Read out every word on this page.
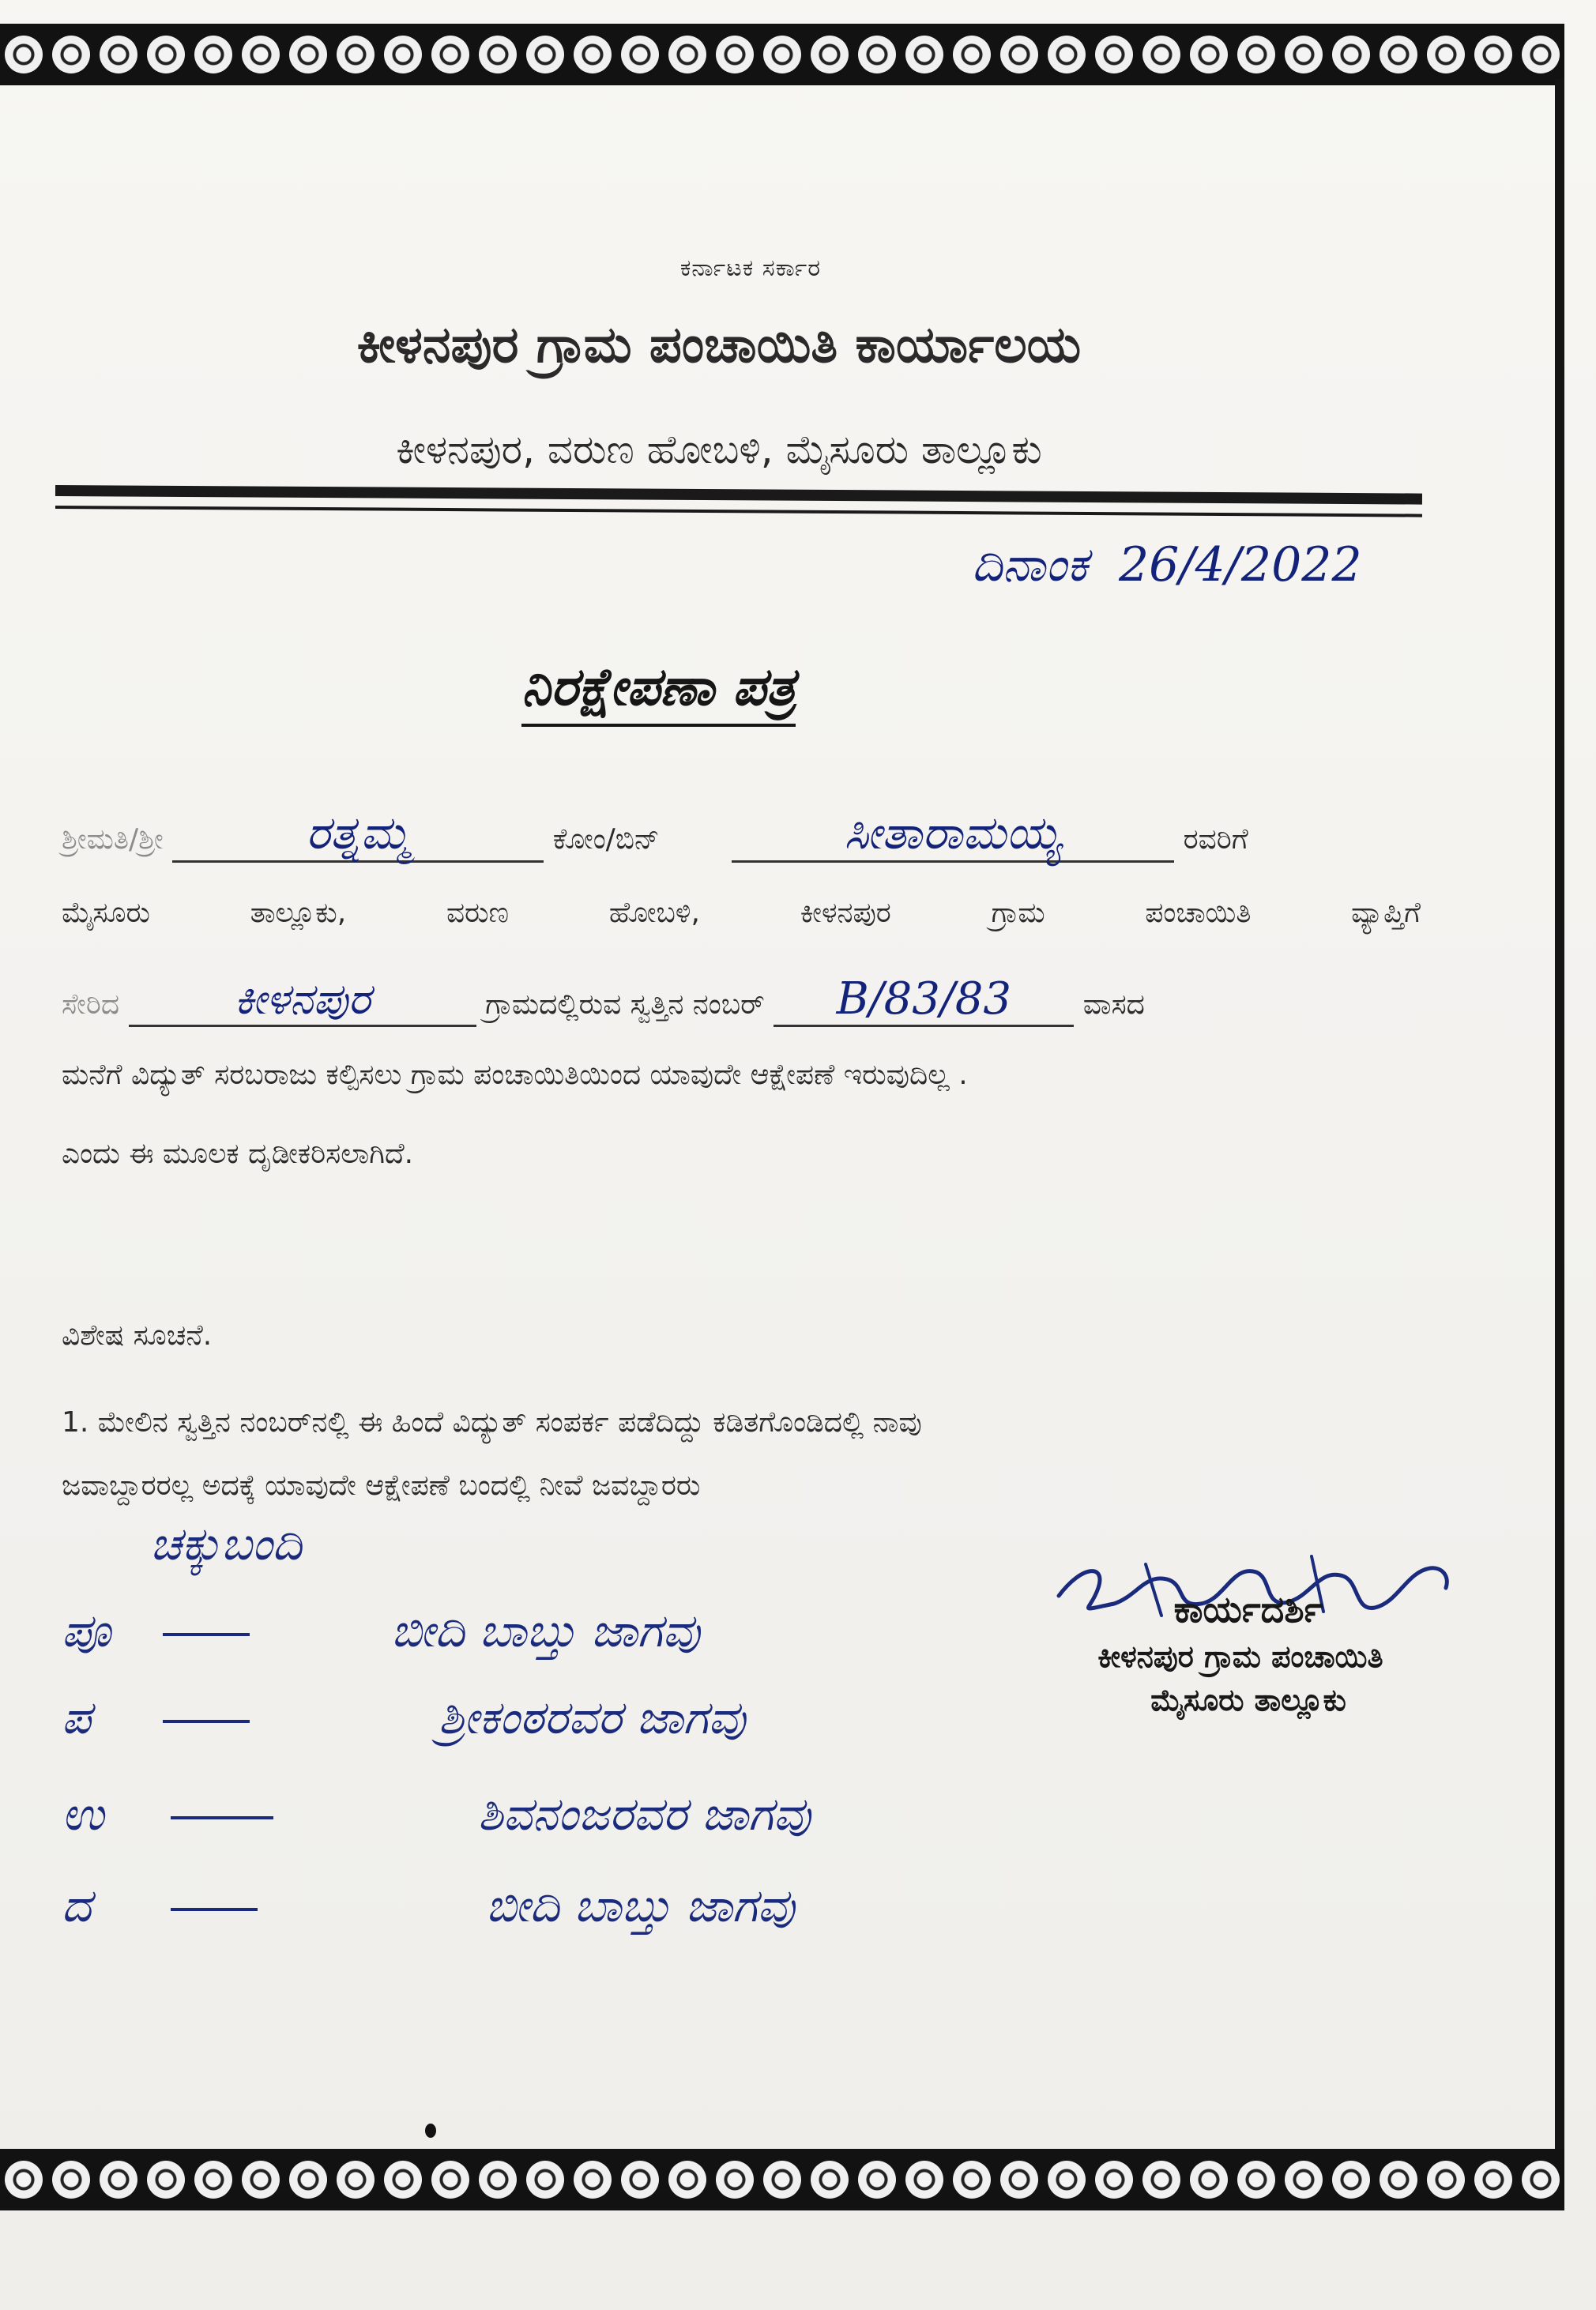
ಕರ್ನಾಟಕ ಸರ್ಕಾರ
ಕೀಳನಪುರ ಗ್ರಾಮ ಪಂಚಾಯಿತಿ ಕಾರ್ಯಾಲಯ
ಕೀಳನಪುರ, ವರುಣ ಹೋಬಳಿ, ಮೈಸೂರು ತಾಲ್ಲೂಕು
ದಿನಾಂಕ 26/4/2022
ನಿರಕ್ಷೇಪಣಾ ಪತ್ರ
ಶ್ರೀಮತಿ/ಶ್ರೀ	ರತ್ನಮ್ಮ	ಕೋಂ/ಬಿನ್	ಸೀತಾರಾಮಯ್ಯ	ರವರಿಗೆ
ಮೈಸೂರು ತಾಲ್ಲೂಕು, ವರುಣ ಹೋಬಳಿ, ಕೀಳನಪುರ ಗ್ರಾಮ ಪಂಚಾಯಿತಿ ವ್ಯಾಪ್ತಿಗೆ
ಸೇರಿದ	ಕೀಳನಪುರ	ಗ್ರಾಮದಲ್ಲಿರುವ ಸ್ವತ್ತಿನ ನಂಬರ್ B/83/83	ವಾಸದ
ಮನೆಗೆ ವಿದ್ಯುತ್ ಸರಬರಾಜು ಕಲ್ಪಿಸಲು ಗ್ರಾಮ ಪಂಚಾಯಿತಿಯಿಂದ ಯಾವುದೇ ಆಕ್ಷೇಪಣೆ ಇರುವುದಿಲ್ಲ .
ಎಂದು ಈ ಮೂಲಕ ದೃಡೀಕರಿಸಲಾಗಿದೆ.
ವಿಶೇಷ ಸೂಚನೆ.
1. ಮೇಲಿನ ಸ್ವತ್ತಿನ ನಂಬರ್‌ನಲ್ಲಿ ಈ ಹಿಂದೆ ವಿದ್ಯುತ್ ಸಂಪರ್ಕ ಪಡೆದಿದ್ದು ಕಡಿತಗೊಂಡಿದಲ್ಲಿ ನಾವು
ಜವಾಬ್ದಾರರಲ್ಲ ಅದಕ್ಕೆ ಯಾವುದೇ ಆಕ್ಷೇಪಣೆ ಬಂದಲ್ಲಿ ನೀವೆ ಜವಬ್ದಾರರು
ಚಕ್ಕುಬಂದಿ
ಪೂ	ಬೀದಿ ಬಾಬ್ತು ಜಾಗವು
ಪ	ಶ್ರೀಕಂಠರವರ ಜಾಗವು
ಉ	ಶಿವನಂಜರವರ ಜಾಗವು
ದ	ಬೀದಿ ಬಾಬ್ತು ಜಾಗವು
ಕಾರ್ಯದರ್ಶಿ
ಕೀಳನಪುರ ಗ್ರಾಮ ಪಂಚಾಯಿತಿ
ಮೈಸೂರು ತಾಲ್ಲೂಕು
